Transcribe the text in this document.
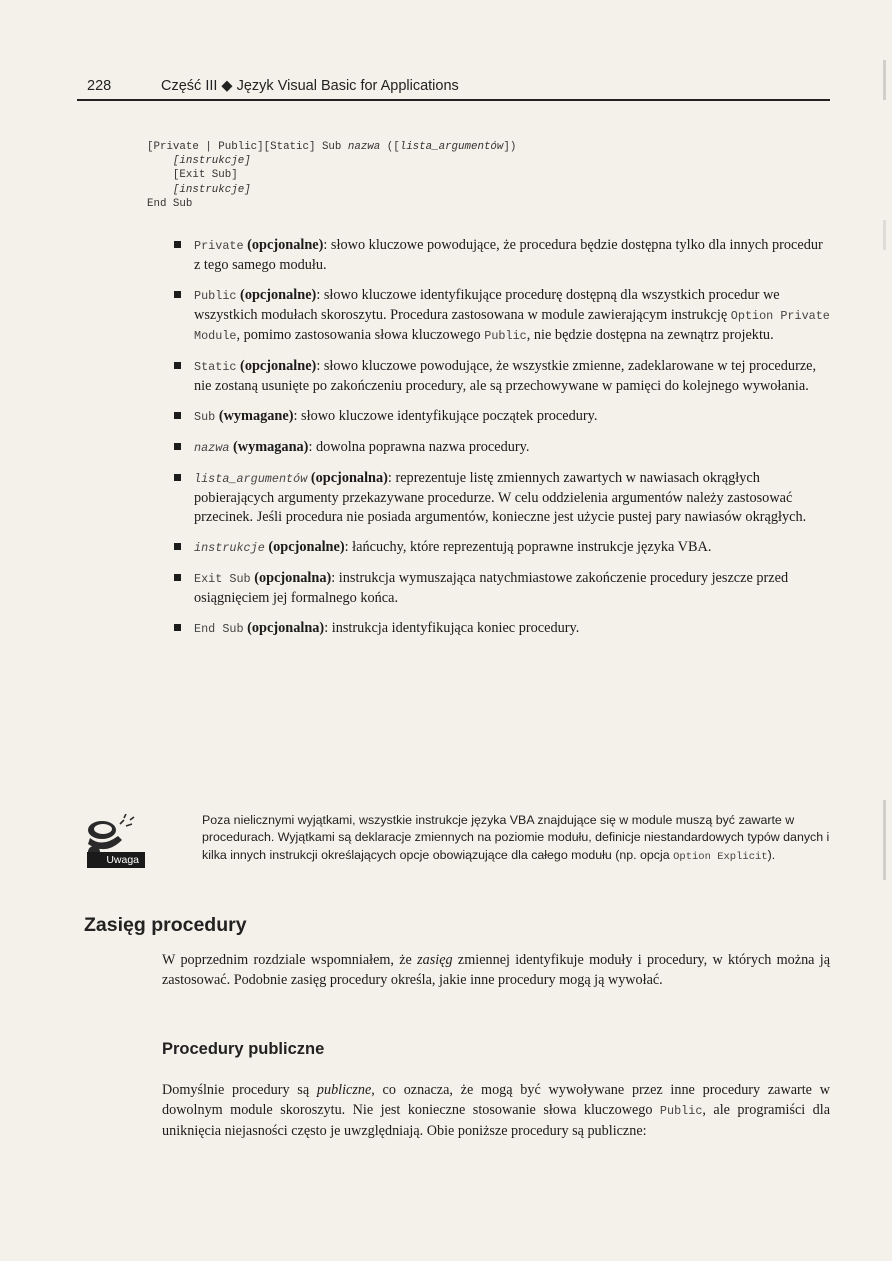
228	Część III ◆ Język Visual Basic for Applications
[Private | Public][Static] Sub nazwa ([lista_argumentów])
[instrukcje]
[Exit Sub]
[instrukcje]
End Sub
Private (opcjonalne): słowo kluczowe powodujące, że procedura będzie dostępna tylko dla innych procedur z tego samego modułu.
Public (opcjonalne): słowo kluczowe identyfikujące procedurę dostępną dla wszystkich procedur we wszystkich modułach skoroszytu. Procedura zastosowana w module zawierającym instrukcję Option Private Module, pomimo zastosowania słowa kluczowego Public, nie będzie dostępna na zewnątrz projektu.
Static (opcjonalne): słowo kluczowe powodujące, że wszystkie zmienne, zadeklarowane w tej procedurze, nie zostaną usunięte po zakończeniu procedury, ale są przechowywane w pamięci do kolejnego wywołania.
Sub (wymagane): słowo kluczowe identyfikujące początek procedury.
nazwa (wymagana): dowolna poprawna nazwa procedury.
lista_argumentów (opcjonalna): reprezentuje listę zmiennych zawartych w nawiasach okrągłych pobierających argumenty przekazywane procedurze. W celu oddzielenia argumentów należy zastosować przecinek. Jeśli procedura nie posiada argumentów, konieczne jest użycie pustej pary nawiasów okrągłych.
instrukcje (opcjonalne): łańcuchy, które reprezentują poprawne instrukcje języka VBA.
Exit Sub (opcjonalna): instrukcja wymuszająca natychmiastowe zakończenie procedury jeszcze przed osiągnięciem jej formalnego końca.
End Sub (opcjonalna): instrukcja identyfikująca koniec procedury.
Uwaga
Poza nielicznymi wyjątkami, wszystkie instrukcje języka VBA znajdujące się w module muszą być zawarte w procedurach. Wyjątkami są deklaracje zmiennych na poziomie modułu, definicje niestandardowych typów danych i kilka innych instrukcji określających opcje obowiązujące dla całego modułu (np. opcja Option Explicit).
Zasięg procedury
W poprzednim rozdziale wspomniałem, że zasięg zmiennej identyfikuje moduły i procedury, w których można ją zastosować. Podobnie zasięg procedury określa, jakie inne procedury mogą ją wywołać.
Procedury publiczne
Domyślnie procedury są publiczne, co oznacza, że mogą być wywoływane przez inne procedury zawarte w dowolnym module skoroszytu. Nie jest konieczne stosowanie słowa kluczowego Public, ale programiści dla uniknięcia niejasności często je uwzględniają. Obie poniższe procedury są publiczne:
